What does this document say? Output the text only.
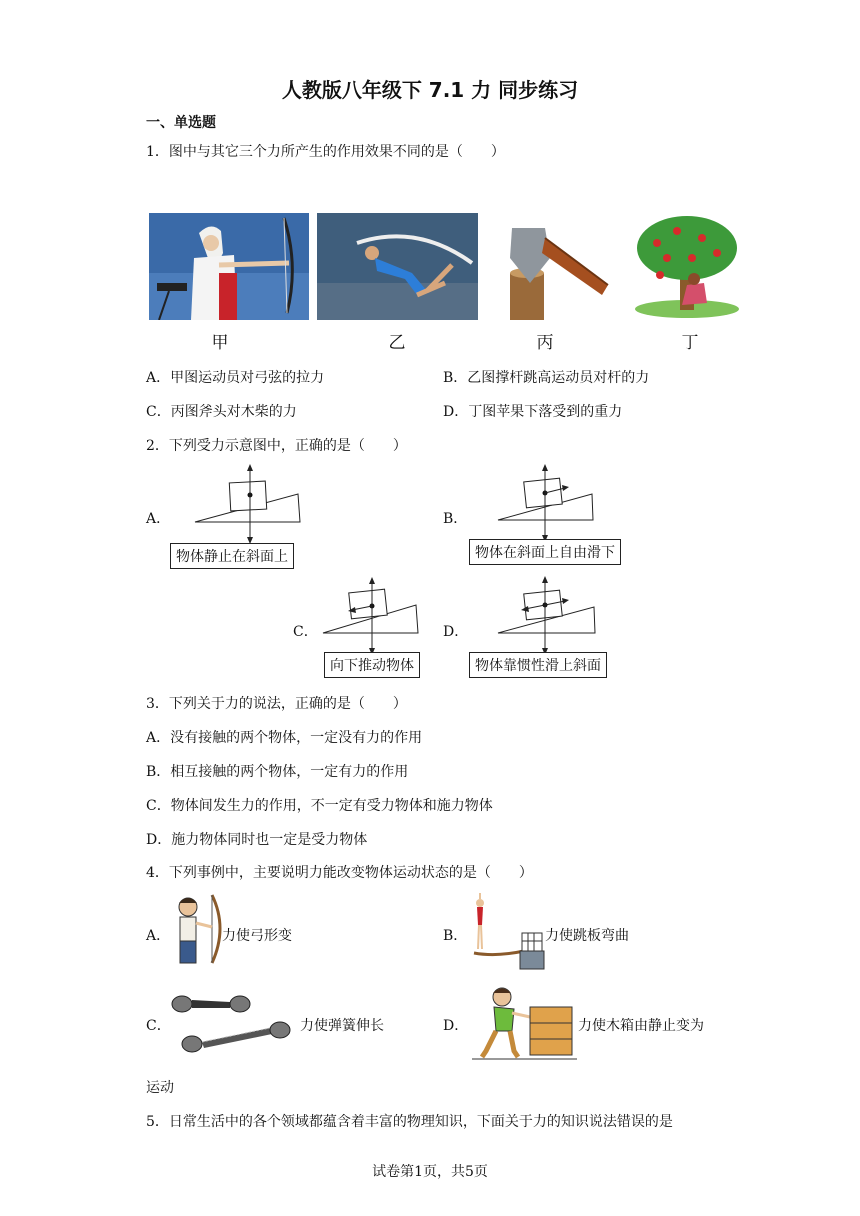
人教版八年级下 7.1 力 同步练习
一、单选题
1．图中与其它三个力所产生的作用效果不同的是（　　）
甲	乙	丙	丁
A．甲图运动员对弓弦的拉力	B．乙图撑杆跳高运动员对杆的力
C．丙图斧头对木柴的力	D．丁图苹果下落受到的重力
2．下列受力示意图中，正确的是（　　）
A．
物体静止在斜面上
B．
物体在斜面上自由滑下
C．
向下推动物体
D．
物体靠惯性滑上斜面
3．下列关于力的说法，正确的是（　　）
A．没有接触的两个物体，一定没有力的作用
B．相互接触的两个物体，一定有力的作用
C．物体间发生力的作用，不一定有受力物体和施力物体
D．施力物体同时也一定是受力物体
4．下列事例中，主要说明力能改变物体运动状态的是（　　）
A．	力使弓形变	B．	力使跳板弯曲
C．	力使弹簧伸长	D．	力使木箱由静止变为
运动
5．日常生活中的各个领域都蕴含着丰富的物理知识，下面关于力的知识说法错误的是
试卷第1页，共5页
